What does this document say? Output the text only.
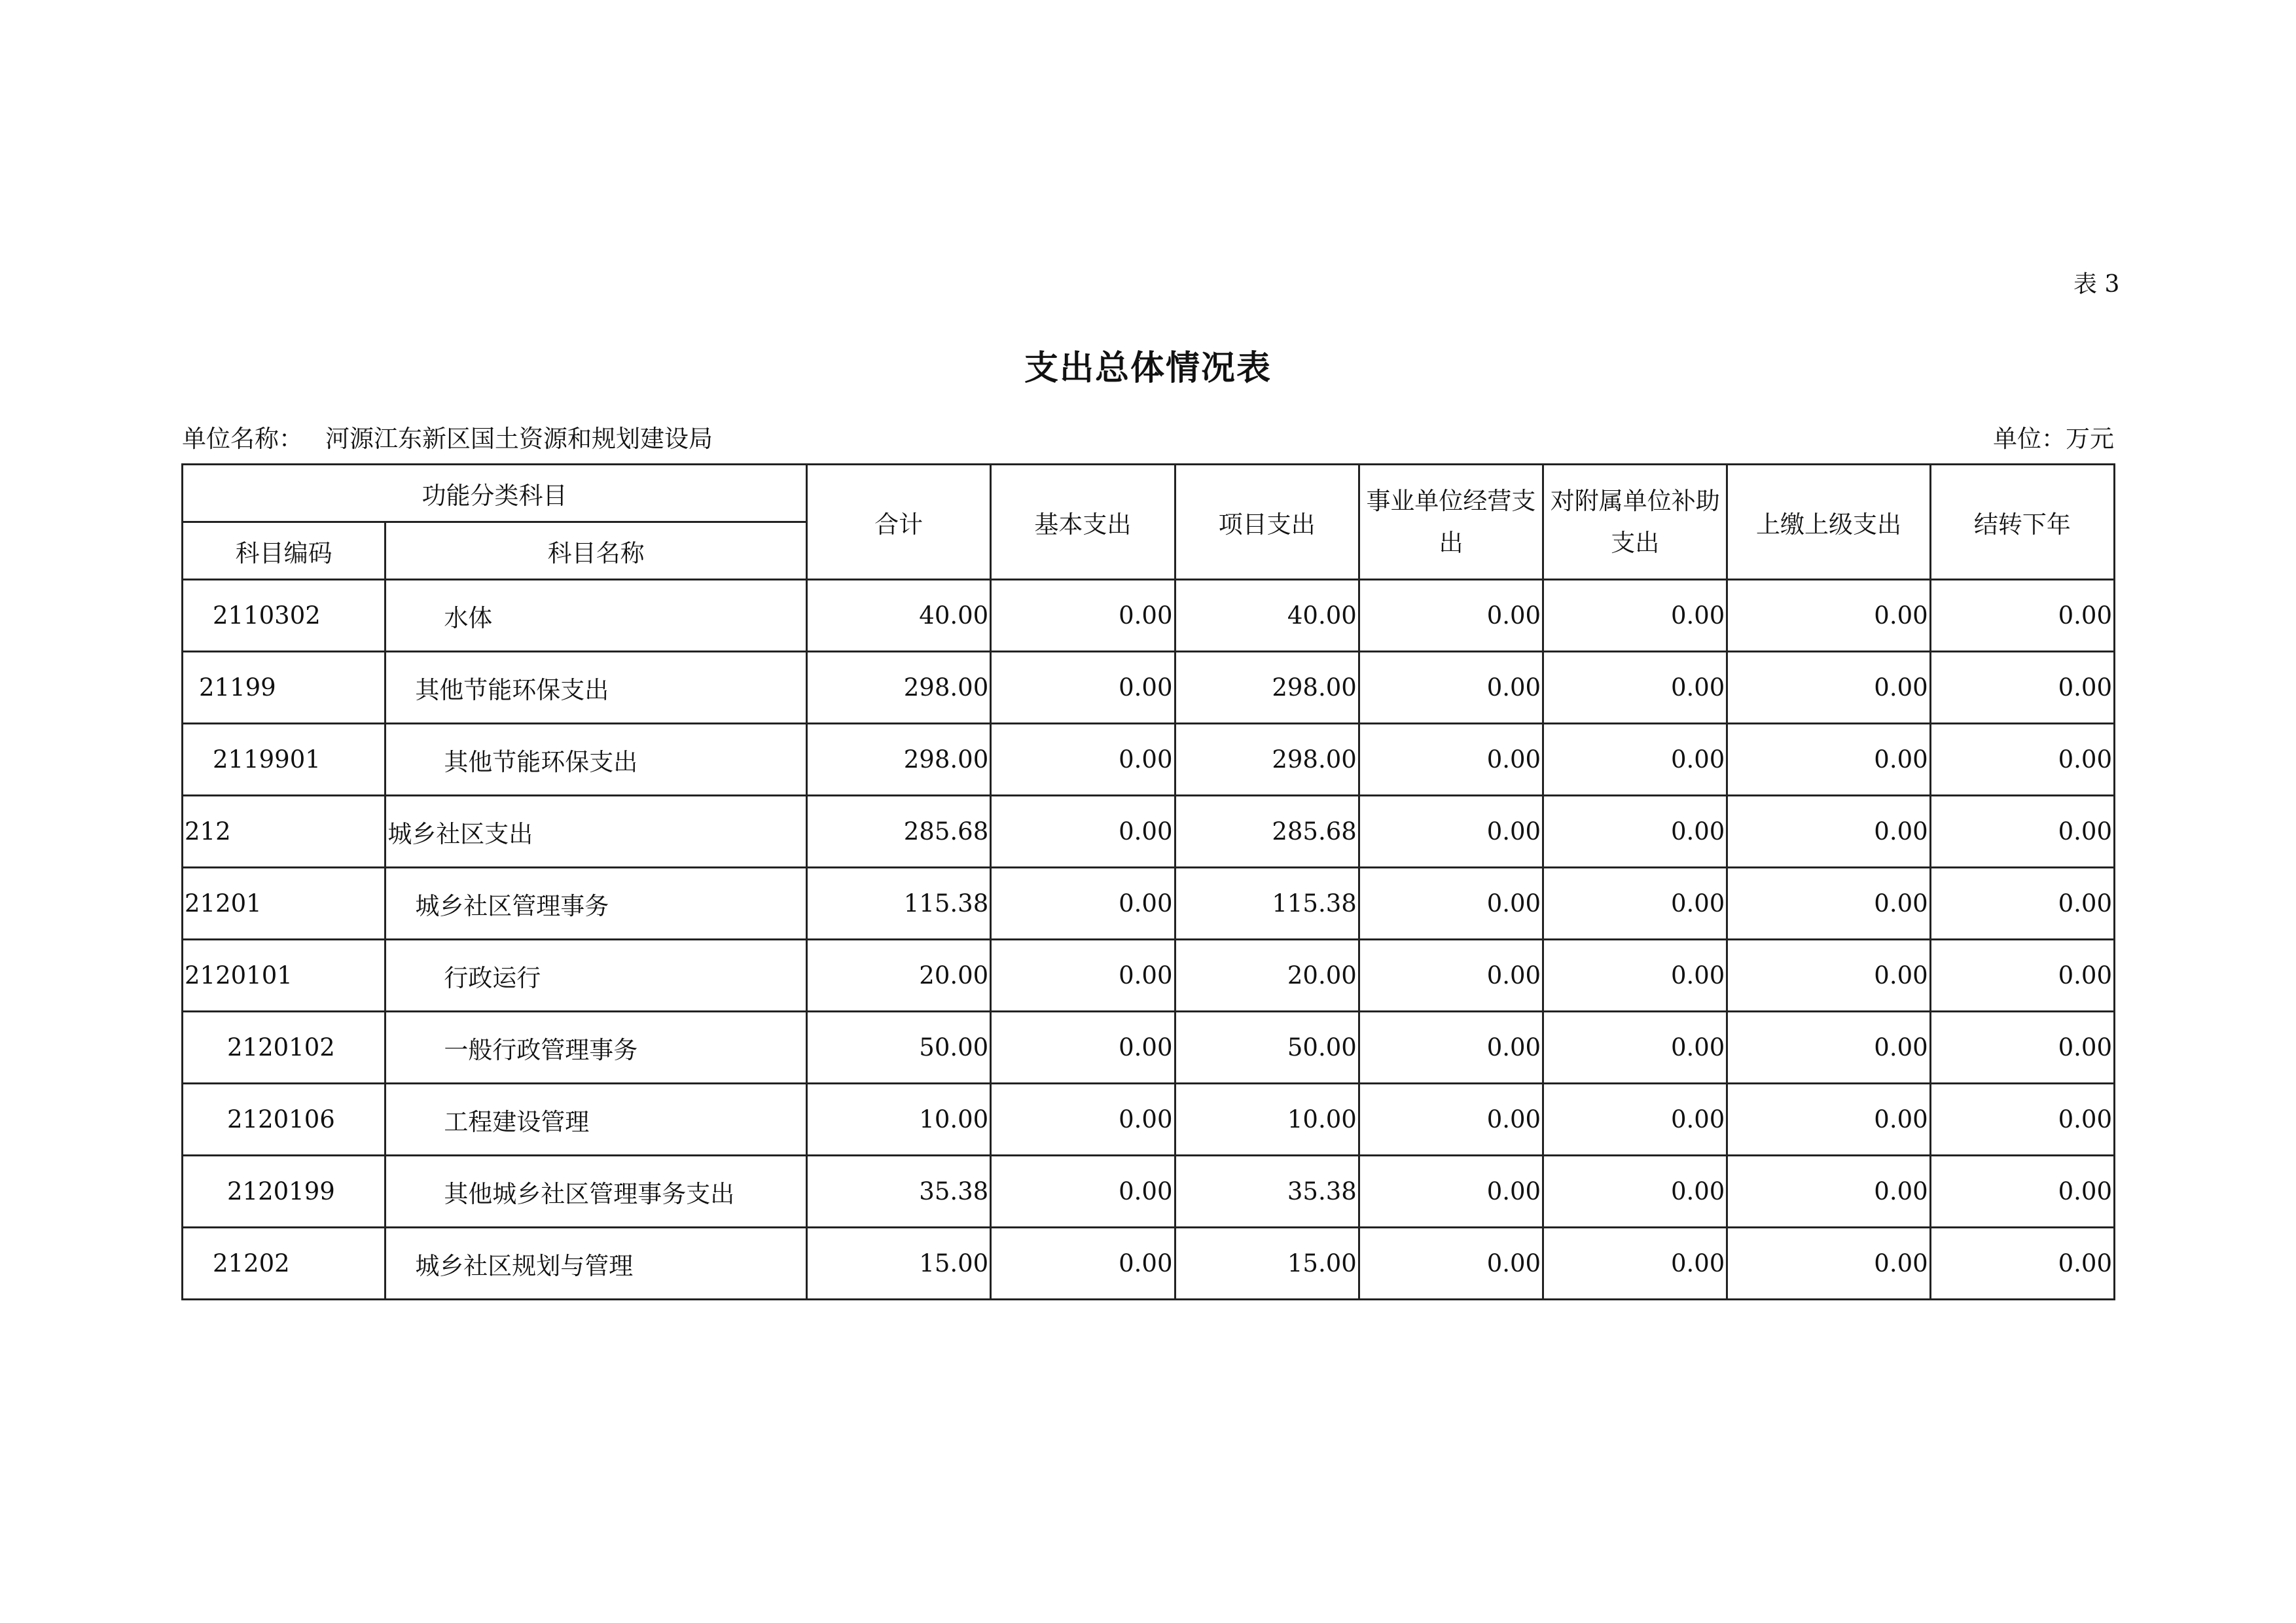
表 3
支出总体情况表
单位名称： 河源江东新区国土资源和规划建设局	单位：万元
功能分类科目		合计	基本支出	项目支出	事业单位经营支出	对附属单位补助支出	上缴上级支出	结转下年
科目编码	科目名称							
2110302	水体	40.00	0.00	40.00	0.00	0.00	0.00	0.00
21199	其他节能环保支出	298.00	0.00	298.00	0.00	0.00	0.00	0.00
2119901	其他节能环保支出	298.00	0.00	298.00	0.00	0.00	0.00	0.00
212	城乡社区支出	285.68	0.00	285.68	0.00	0.00	0.00	0.00
21201	城乡社区管理事务	115.38	0.00	115.38	0.00	0.00	0.00	0.00
2120101	行政运行	20.00	0.00	20.00	0.00	0.00	0.00	0.00
2120102	一般行政管理事务	50.00	0.00	50.00	0.00	0.00	0.00	0.00
2120106	工程建设管理	10.00	0.00	10.00	0.00	0.00	0.00	0.00
2120199	其他城乡社区管理事务支出	35.38	0.00	35.38	0.00	0.00	0.00	0.00
21202	城乡社区规划与管理	15.00	0.00	15.00	0.00	0.00	0.00	0.00
